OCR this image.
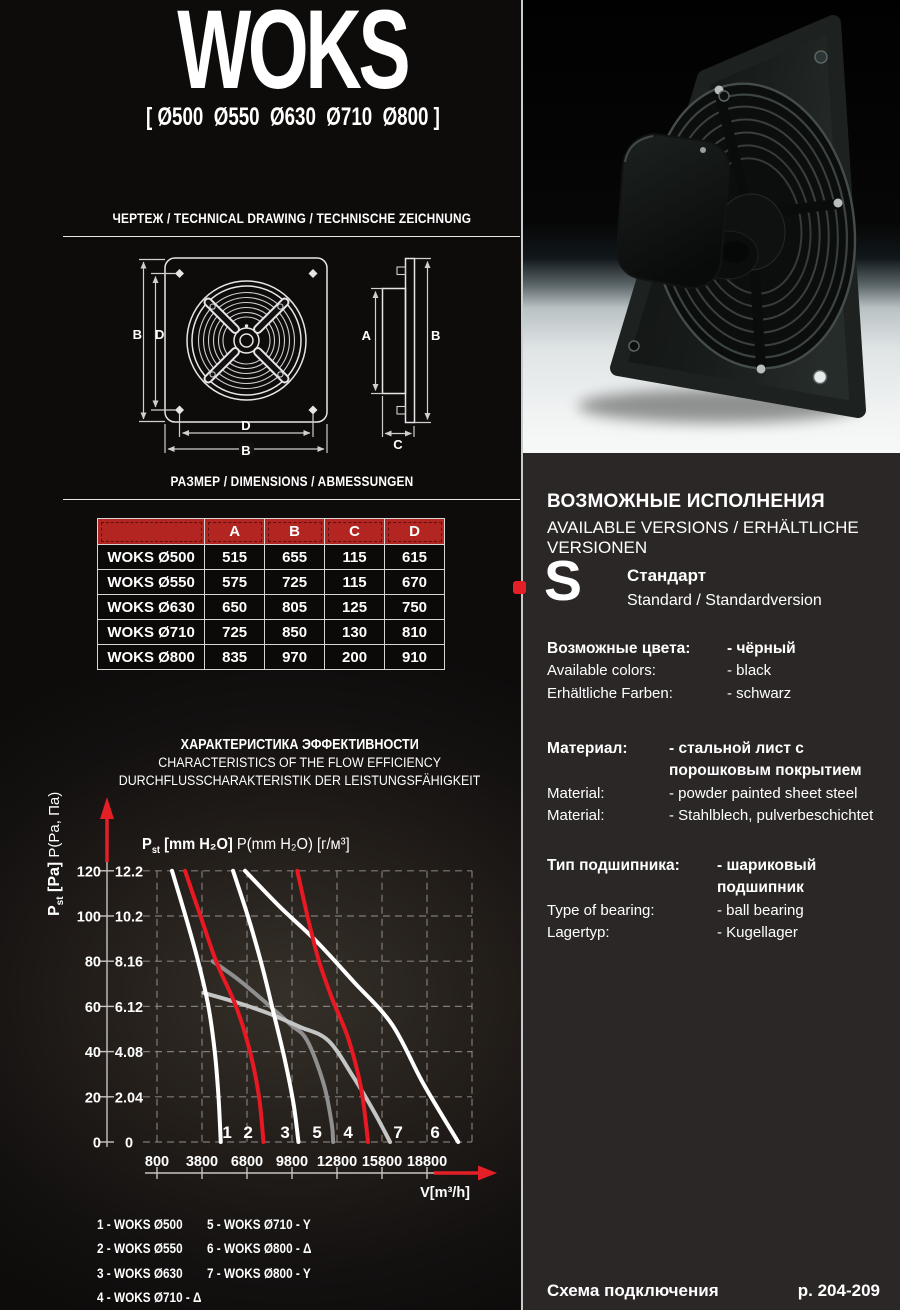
WOKS
[ Ø500  Ø550  Ø630  Ø710  Ø800 ]
ЧЕРТЕЖ / TECHNICAL DRAWING / TECHNISCHE ZEICHNUNG
B D
D
B
A	B
C
РАЗМЕР / DIMENSIONS / ABMESSUNGEN
	A	B	C	D
WOKS Ø500	515	655	115	615
WOKS Ø550	575	725	115	670
WOKS Ø630	650	805	125	750
WOKS Ø710	725	850	130	810
WOKS Ø800	835	970	200	910
ХАРАКТЕРИСТИКА ЭФФЕКТИВНОСТИ
CHARACTERISTICS OF THE FLOW EFFICIENCY
DURCHFLUSSCHARAKTERISTIK DER LEISTUNGSFÄHIGKEIT
$P_{st}$ [Pa] P(Pa, Па)	$P_{st}$ [mm H₂O] P(mm H₂O) [г/м³]
1 2 3	4
5	6
7
0 0
20 2.04
40 4.08
60 6.12
80 8.16
100 10.2
120 12.2
800 3800 6800 9800 12800 15800 18800
V[m³/h]
1 - WOKS Ø500
2 - WOKS Ø550
3 - WOKS Ø630
4 - WOKS Ø710 - Δ
5 - WOKS Ø710 - Y
6 - WOKS Ø800 - Δ
7 - WOKS Ø800 - Y
ВОЗМОЖНЫЕ ИСПОЛНЕНИЯ
AVAILABLE VERSIONS / ERHÄLTLICHE VERSIONEN
S	Стандарт
Standard / Standardversion
Возможные цвета:	- чёрный
Available colors:	- black
Erhältliche Farben:	- schwarz
Материал:	- стальной лист с порошковым покрытием
Material:	- powder painted sheet steel
Material:	- Stahlblech, pulverbeschichtet
Тип подшипника:	- шариковый подшипник
Type of bearing:	- ball bearing
Lagertyp:	- Kugellager
Схема подключения	p. 204-209
